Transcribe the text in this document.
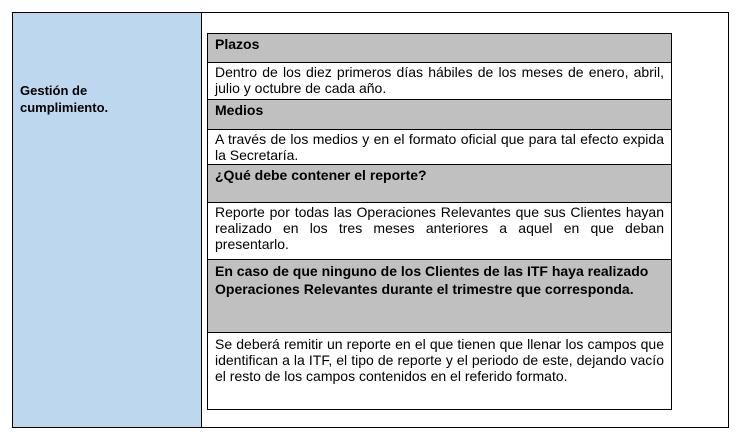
Gestión de cumplimiento.
Plazos
Dentro de los diez primeros días hábiles de los meses de enero, abril, julio y octubre de cada año.
Medios
A través de los medios y en el formato oficial que para tal efecto expida la Secretaría.
¿Qué debe contener el reporte?
Reporte por todas las Operaciones Relevantes que sus Clientes hayan realizado en los tres meses anteriores a aquel en que deban presentarlo.
En caso de que ninguno de los Clientes de las ITF haya realizado Operaciones Relevantes durante el trimestre que corresponda.
Se deberá remitir un reporte en el que tienen que llenar los campos que identifican a la ITF, el tipo de reporte y el periodo de este, dejando vacío el resto de los campos contenidos en el referido formato.
